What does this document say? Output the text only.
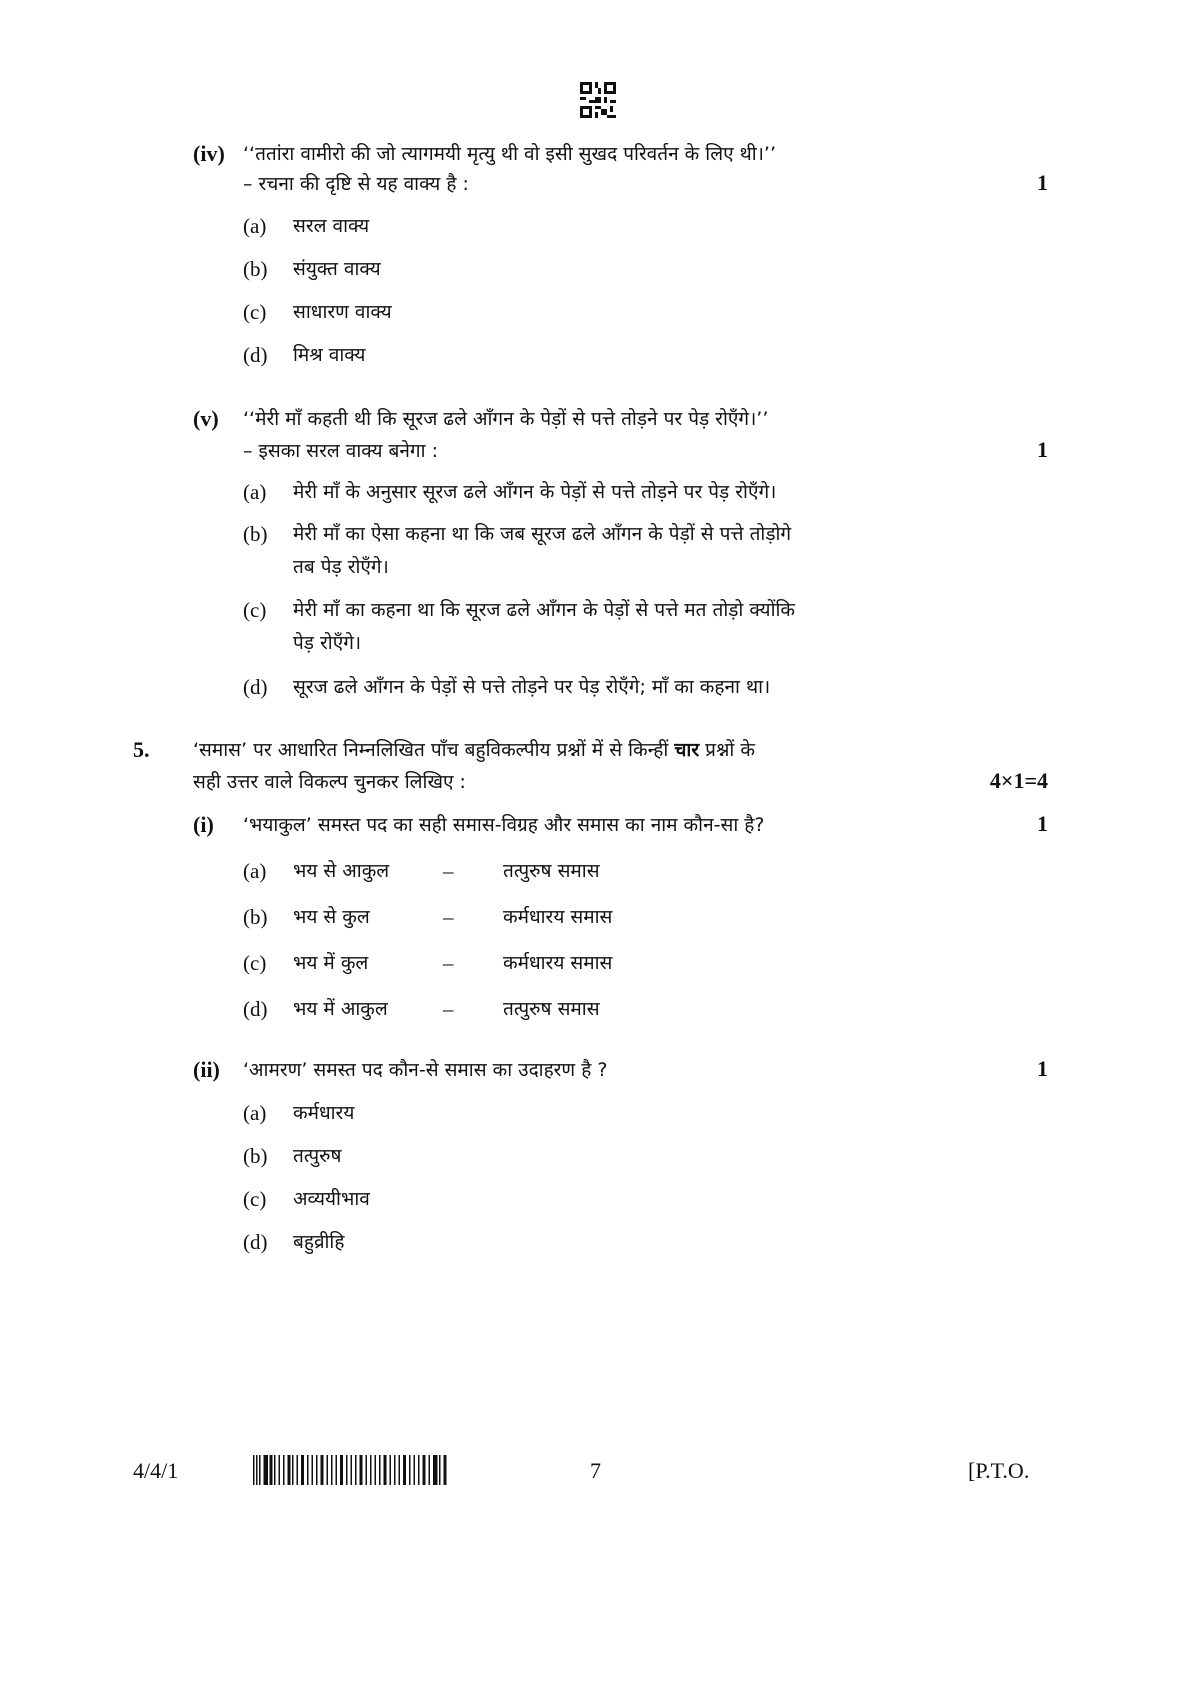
(iv) ‘‘ततांरा वामीरो की जो त्यागमयी मृत्यु थी वो इसी सुखद परिवर्तन के लिए थी।’’
– रचना की दृष्टि से यह वाक्य है :	1
(a) सरल वाक्य
(b) संयुक्त वाक्य
(c) साधारण वाक्य
(d) मिश्र वाक्य
(v) ‘‘मेरी माँ कहती थी कि सूरज ढले आँगन के पेड़ों से पत्ते तोड़ने पर पेड़ रोएँगे।’’
– इसका सरल वाक्य बनेगा :	1
(a) मेरी माँ के अनुसार सूरज ढले आँगन के पेड़ों से पत्ते तोड़ने पर पेड़ रोएँगे।
(b) मेरी माँ का ऐसा कहना था कि जब सूरज ढले आँगन के पेड़ों से पत्ते तोड़ोगे
तब पेड़ रोएँगे।
(c) मेरी माँ का कहना था कि सूरज ढले आँगन के पेड़ों से पत्ते मत तोड़ो क्योंकि
पेड़ रोएँगे।
(d) सूरज ढले आँगन के पेड़ों से पत्ते तोड़ने पर पेड़ रोएँगे; माँ का कहना था।
5. ‘समास’ पर आधारित निम्नलिखित पाँच बहुविकल्पीय प्रश्नों में से किन्हीं चार प्रश्नों के
सही उत्तर वाले विकल्प चुनकर लिखिए :	4×1=4
(i) ‘भयाकुल’ समस्त पद का सही समास-विग्रह और समास का नाम कौन-सा है?	1
(a) भय से आकुल	–	तत्पुरुष समास
(b) भय से कुल	–	कर्मधारय समास
(c) भय में कुल	–	कर्मधारय समास
(d) भय में आकुल	–	तत्पुरुष समास
(ii) ‘आमरण’ समस्त पद कौन-से समास का उदाहरण है ?	1
(a) कर्मधारय
(b) तत्पुरुष
(c) अव्ययीभाव
(d) बहुव्रीहि
4/4/1	7	[P.T.O.
